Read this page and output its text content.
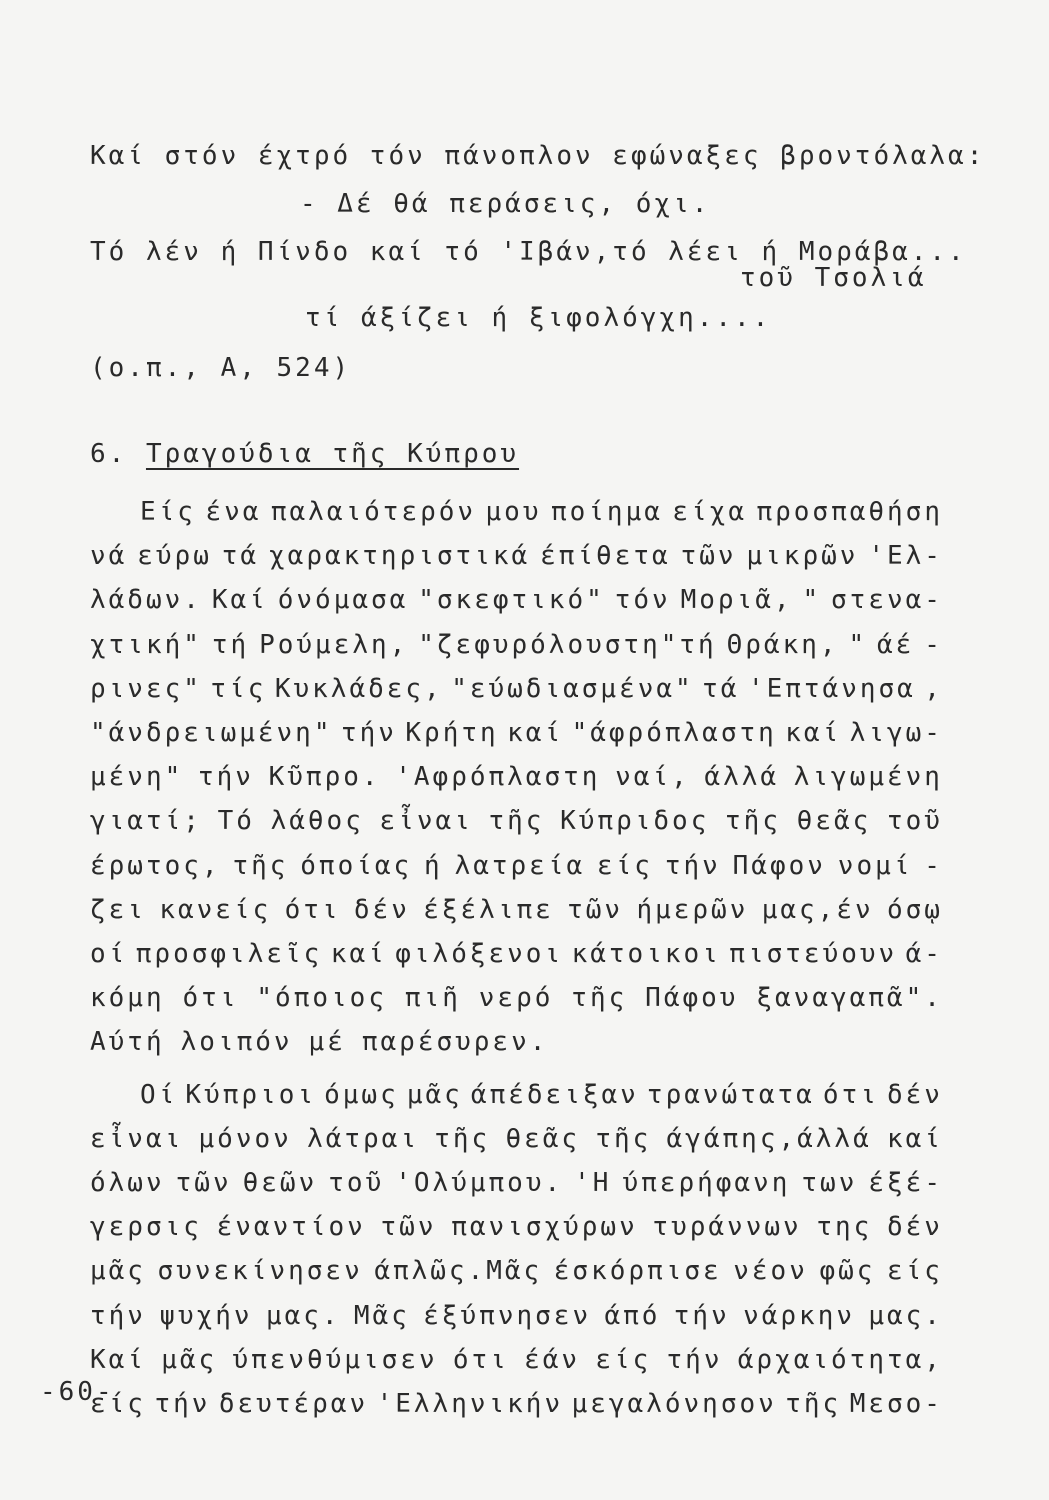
Καί στόν έχτρό τόν πάνοπλον εφώναξες βροντόλαλα:
- Δέ θά περάσεις, όχι.
Τό λέν ή Πίνδο καί τό 'Ιβάν,τό λέει ή Μοράβα...
τοῦ Τσολιά
τί άξίζει ή ξιφολόγχη....
(ο.π., Α, 524)
6. Τραγούδια τῆς Κύπρου
Είς ένα παλαιότερόν μου ποίημα είχα προσπαθήση
νά εύρω τά χαρακτηριστικά έπίθετα τῶν μικρῶν 'Ελ-
λάδων. Καί όνόμασα "σκεφτικό" τόν Μοριᾶ, " στενα-
χτική" τή Ρούμελη, "ζεφυρόλουστη"τή Θράκη, " άέ -
ρινες" τίς Κυκλάδες, "εύωδιασμένα" τά 'Επτάνησα ,
"άνδρειωμένη" τήν Κρήτη καί "άφρόπλαστη καί λιγω-
μένη" τήν Κῦπρο. 'Αφρόπλαστη ναί, άλλά λιγωμένη
γιατί; Τό λάθος εἶναι τῆς Κύπριδος τῆς θεᾶς τοῦ
έρωτος, τῆς όποίας ή λατρεία είς τήν Πάφον νομί -
ζει κανείς ότι δέν έξέλιπε τῶν ήμερῶν μας,έν όσῳ
οί προσφιλεῖς καί φιλόξενοι κάτοικοι πιστεύουν ά-
κόμη ότι "όποιος πιῆ νερό τῆς Πάφου ξαναγαπᾶ".
Αύτή λοιπόν μέ παρέσυρεν.
Οί Κύπριοι όμως μᾶς άπέδειξαν τρανώτατα ότι δέν
εἶναι μόνον λάτραι τῆς θεᾶς τῆς άγάπης,άλλά καί
όλων τῶν θεῶν τοῦ 'Ολύμπου. 'Η ύπερήφανη των έξέ-
γερσις έναντίον τῶν πανισχύρων τυράννων της δέν
μᾶς συνεκίνησεν άπλῶς.Μᾶς έσκόρπισε νέον φῶς είς
τήν ψυχήν μας. Μᾶς έξύπνησεν άπό τήν νάρκην μας.
Καί μᾶς ύπενθύμισεν ότι έάν είς τήν άρχαιότητα,
είς τήν δευτέραν 'Ελληνικήν μεγαλόνησον τῆς Μεσο-
-60-
